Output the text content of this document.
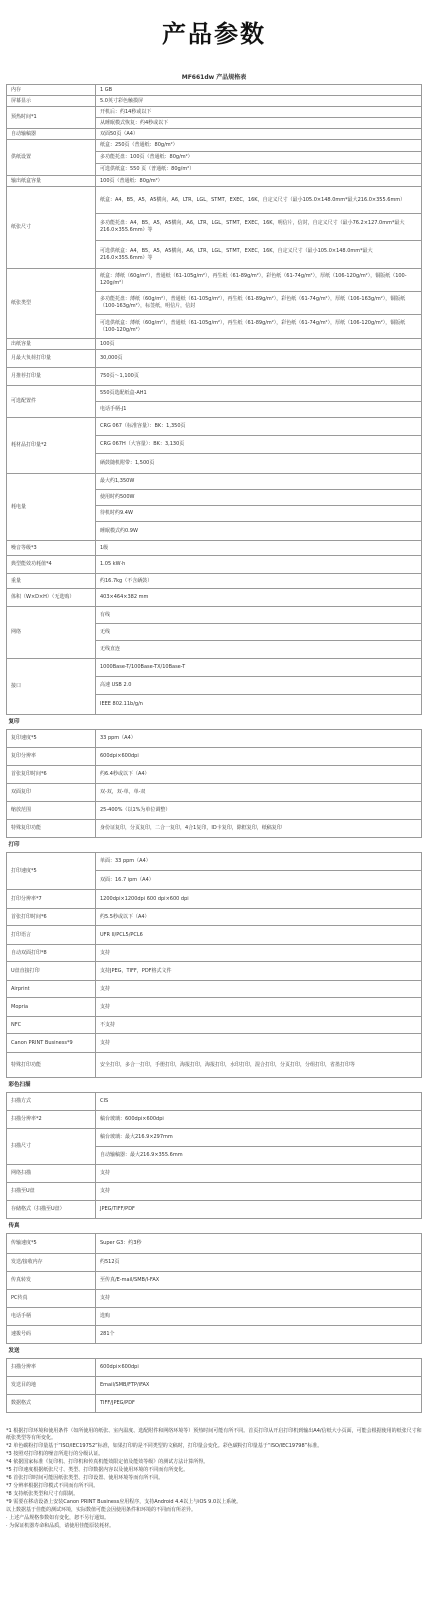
产品参数
MF661dw 产品规格表
内存	1 GB
屏幕显示	5.0英寸彩色触摸屏
预热时间*1	开机后：约14秒或以下
	从睡眠模式恢复：约4秒或以下
自动输稿器	双面50页（A4）
供纸设置	纸盒：250页（普通纸：80g/m²）
	多功能托盘：100页（普通纸：80g/m²）
	可选供纸盒：550 页（普通纸：80g/m²）
输出纸盒容量	100页（普通纸：80g/m²）
纸张尺寸	纸盒：A4，B5，A5，A5横向，A6，LTR，LGL，STMT，EXEC，16K，自定义尺寸（最小105.0×148.0mm*最大216.0×355.6mm）
	多功能托盘：A4，B5，A5，A5横向，A6，LTR，LGL，STMT，EXEC，16K，明信片，信封，自定义尺寸（最小76.2×127.0mm*最大216.0×355.6mm）等
	可选供纸盒：A4，B5，A5，A5横向，A6，LTR，LGL，STMT，EXEC，16K，自定义尺寸（最小105.0×148.0mm*最大216.0×355.6mm）等
纸张类型	纸盒：薄纸（60g/m²），普通纸（61-105g/m²），再生纸（61-89g/m²），彩色纸（61-74g/m²），厚纸（106-120g/m²），铜版纸（100-120g/m²）
	多功能托盘：薄纸（60g/m²），普通纸（61-105g/m²），再生纸（61-89g/m²），彩色纸（61-74g/m²），厚纸（106-163g/m²），铜版纸（100-163g/m²），标签纸，明信片，信封
	可选供纸盒：薄纸（60g/m²），普通纸（61-105g/m²），再生纸（61-89g/m²），彩色纸（61-74g/m²），厚纸（106-120g/m²），铜版纸（100-120g/m²）
出纸容量	100页
月最大负荷打印量	30,000页
月推荐打印量	750页～1,100页
可选配置件	550页选配纸盒-AH1
	电话手柄-J1
耗材品打印量*2	CRG 067（标准容量）：BK：1,350页
	CRG 067H（大容量）：BK：3,130页
	硒鼓随机附带：1,500页
耗电量	最大约1,350W
	使用时约500W
	待机时约9.4W
	睡眠模式约0.9W
噪音等级*3	1级
典型能效功耗值*4	1.05 kW·h
重量	约16.7kg（不含硒鼓）
体积（W×D×H）（无选购）	403×464×382 mm
网络	有线
	无线
	无线直连
接口	1000Base-T/100Base-TX/10Base-T
	高速 USB 2.0
	IEEE 802.11b/g/n
复印	
复印速度*5	33 ppm（A4）
复印分辨率	600dpi×600dpi
首张复印时间*6	约6.4秒或以下（A4）
双面复印	双-双，双-单，单-双
缩放范围	25-400%（以1%为单位调整）
特殊复印功能	身份证复印，分页复印，二合一复印，4合1复印，ID卡复印，除框复印，纸稿复印
打印	
打印速度*5	单面：33 ppm（A4）
	双面：16.7 ipm（A4）
打印分辨率*7	1200dpi×1200dpi 600 dpi×600 dpi
首张打印时间*6	约5.5秒或以下（A4）
打印语言	UFR II/PCL5/PCL6
自动双面打印*8	支持
U盘直接打印	支持JPEG，TIFF，PDF格式文件
Airprint	支持
Mopria	支持
NFC	不支持
Canon PRINT Business*9	支持
特殊打印功能	安全打印，多合一打印，手册打印，海报打印，海报打印，水印打印，混合打印，分页打印，分组打印，省墨打印等
彩色扫描	
扫描方式	CIS
扫描分辨率*2	稿台玻璃：600dpi×600dpi
扫描尺寸	稿台玻璃：最大216.9×297mm
	自动输稿器：最大216.9×355.6mm
网络扫描	支持
扫描至U盘	支持
存储格式（扫描至U盘）	JPEG/TIFF/PDF
传真	
传输速度*5	Super G3：约3秒
发送/接收内存	约512页
传真转发	至传真/E-mail/SMB/I-FAX
PC传真	支持
电话手柄	选购
速拨号码	281个
发送	
扫描分辨率	600dpi×600dpi
发送目的地	Email/SMB/FTP/iFAX
数据格式	TIFF/JPEG/PDF

*1 根据打印环境和使用条件（如所使用的纸张、室内温度、选配附件和网络环境等）预热时间可能有所不同。首页打印从开启打印机到输出A4/信纸大小页面，可能会根据使用的纸张尺寸和纸张类型等有所变化。

*2 单色碳粉打印量基于“ISO/IEC19752”标准，如果打印的是不同类型的文稿时，打印量会变化。彩色碳粉打印量基于“ISO/IEC19798”标准。

*3 按照对打印机的噪音所进行的分级认证。

*4 依据国家标准《复印机、打印机和传真机能效限定值及能效等级》的测试方法计算所得。

*5 打印速度根据纸张尺寸、类型、打印数据内容以及使用环境的不同而有所变化。

*6 首张打印时间可能因纸张类型、打印设置、使用环境等而有所不同。

*7 分辨率根据打印模式不同而有所不同。

*8 支持纸张类型和尺寸有限制。

*9 需要在移动设备上安装Canon PRINT Business应用程序，支持Android 4.4以上与iOS 9.0以上系统。

以上数据基于佳能的测试环境，实际数值可能会因使用条件和环境的不同而有所差异。

· 上述产品规格参数如有变化，恕不另行通知。

· 为保证机器寿命和品质，请使用佳能原装耗材。
